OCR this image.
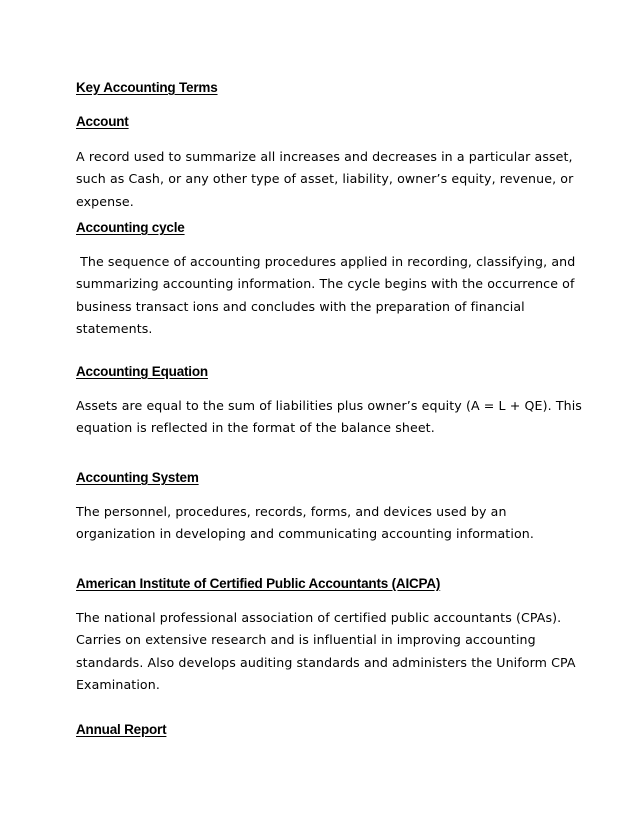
Key Accounting Terms
Account

A record used to summarize all increases and decreases in a particular asset,
such as Cash, or any other type of asset, liability, owner’s equity, revenue, or
expense.

Accounting cycle

The sequence of accounting procedures applied in recording, classifying, and
summarizing accounting information. The cycle begins with the occurrence of
business transact ions and concludes with the preparation of financial
statements.

Accounting Equation

Assets are equal to the sum of liabilities plus owner’s equity (A = L + QE). This
equation is reflected in the format of the balance sheet.

Accounting System

The personnel, procedures, records, forms, and devices used by an
organization in developing and communicating accounting information.

American Institute of Certified Public Accountants (AICPA)

The national professional association of certified public accountants (CPAs).
Carries on extensive research and is influential in improving accounting
standards. Also develops auditing standards and administers the Uniform CPA
Examination.

Annual Report
